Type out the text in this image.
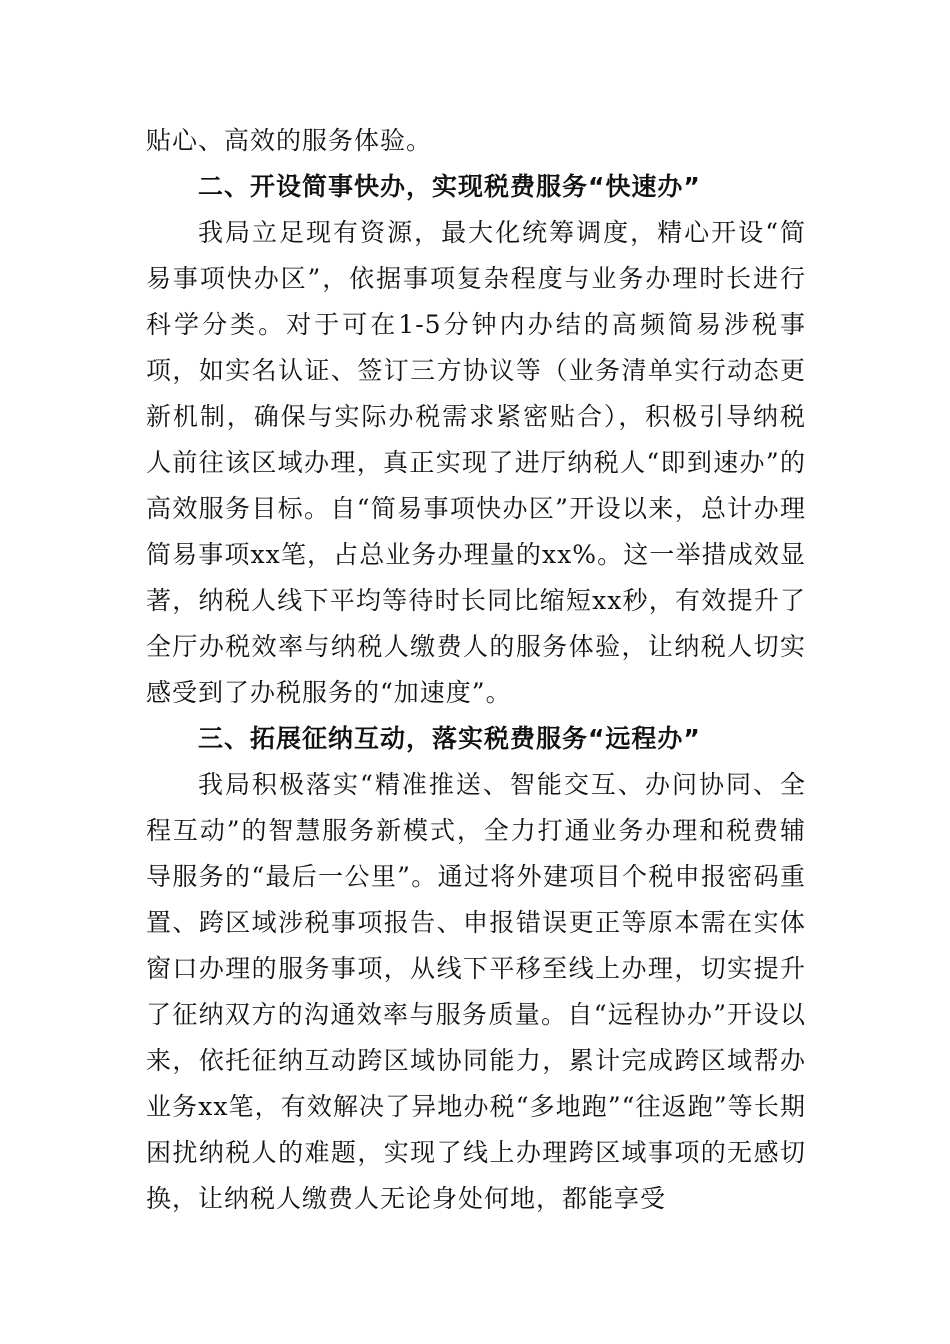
贴心、高效的服务体验。

二、开设简事快办，实现税费服务“快速办”

我局立足现有资源，最大化统筹调度，精心开设“简易事项快办区”，依据事项复杂程度与业务办理时长进行科学分类。对于可在1-5分钟内办结的高频简易涉税事项，如实名认证、签订三方协议等（业务清单实行动态更新机制，确保与实际办税需求紧密贴合），积极引导纳税人前往该区域办理，真正实现了进厅纳税人“即到速办”的高效服务目标。自“简易事项快办区”开设以来，总计办理简易事项xx笔，占总业务办理量的xx%。这一举措成效显著，纳税人线下平均等待时长同比缩短xx秒，有效提升了全厅办税效率与纳税人缴费人的服务体验，让纳税人切实感受到了办税服务的“加速度”。

三、拓展征纳互动，落实税费服务“远程办”

我局积极落实“精准推送、智能交互、办问协同、全程互动”的智慧服务新模式，全力打通业务办理和税费辅导服务的“最后一公里”。通过将外建项目个税申报密码重置、跨区域涉税事项报告、申报错误更正等原本需在实体窗口办理的服务事项，从线下平移至线上办理，切实提升了征纳双方的沟通效率与服务质量。自“远程协办”开设以来，依托征纳互动跨区域协同能力，累计完成跨区域帮办业务xx笔，有效解决了异地办税“多地跑”“往返跑”等长期困扰纳税人的难题，实现了线上办理跨区域事项的无感切换，让纳税人缴费人无论身处何地，都能享受
